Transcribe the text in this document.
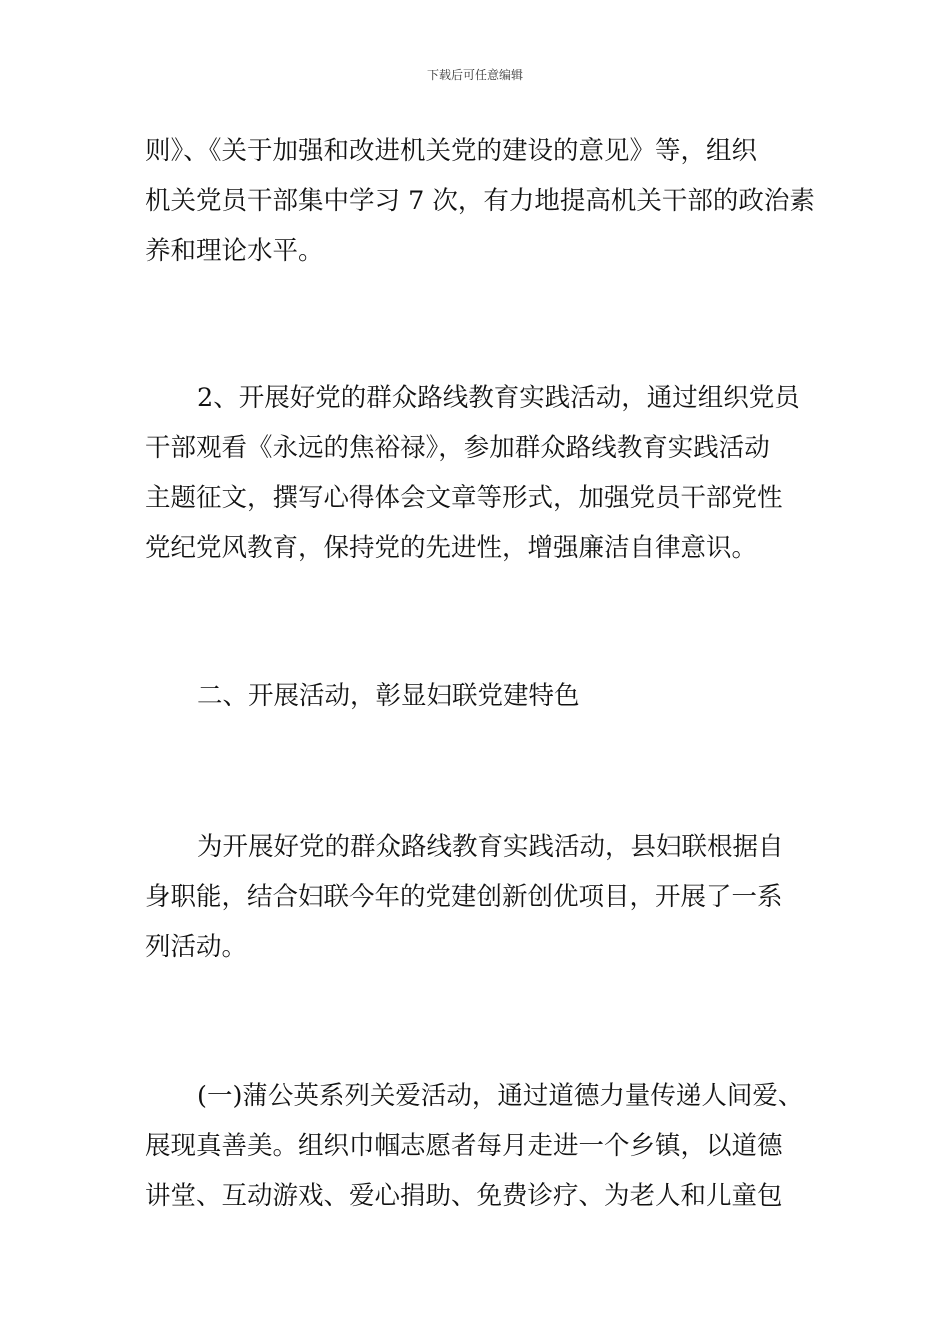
下载后可任意编辑
则》、《关于加强和改进机关党的建设的意见》等，组织
机关党员干部集中学习 7 次，有力地提高机关干部的政治素
养和理论水平。
2、开展好党的群众路线教育实践活动，通过组织党员
干部观看《永远的焦裕禄》，参加群众路线教育实践活动
主题征文，撰写心得体会文章等形式，加强党员干部党性
党纪党风教育，保持党的先进性，增强廉洁自律意识。
二、开展活动，彰显妇联党建特色
为开展好党的群众路线教育实践活动，县妇联根据自
身职能，结合妇联今年的党建创新创优项目，开展了一系
列活动。
(一)蒲公英系列关爱活动，通过道德力量传递人间爱、
展现真善美。组织巾帼志愿者每月走进一个乡镇，以道德
讲堂、互动游戏、爱心捐助、免费诊疗、为老人和儿童包
